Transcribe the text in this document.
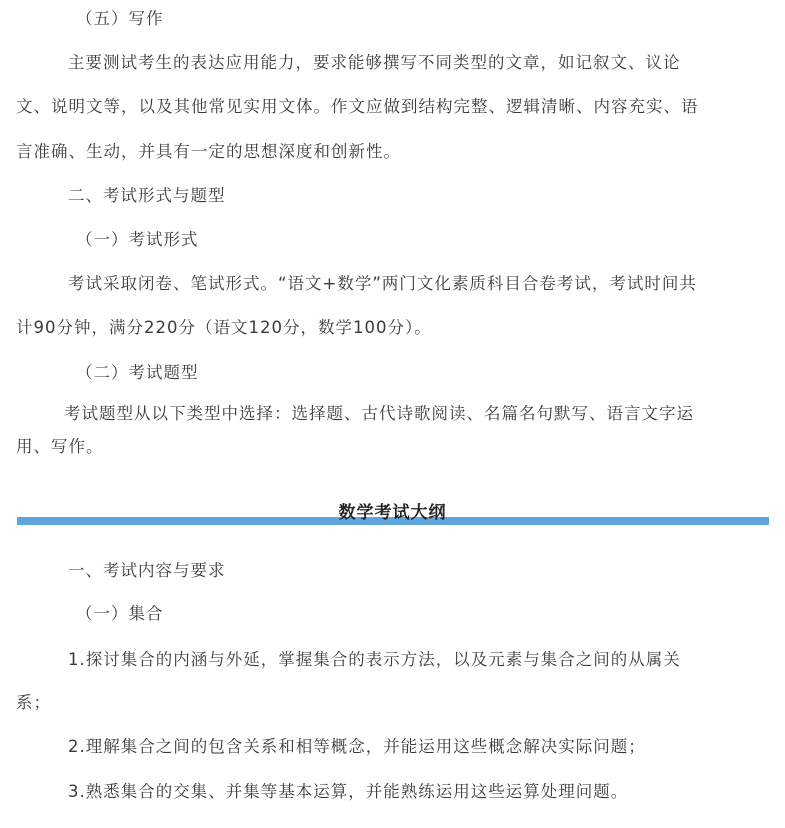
（五）写作
主要测试考生的表达应用能力，要求能够撰写不同类型的文章，如记叙文、议论
文、说明文等，以及其他常见实用文体。作文应做到结构完整、逻辑清晰、内容充实、语
言准确、生动，并具有一定的思想深度和创新性。
二、考试形式与题型
（一）考试形式
考试采取闭卷、笔试形式。“语文+数学”两门文化素质科目合卷考试，考试时间共
计90分钟，满分220分（语文120分，数学100分）。
（二）考试题型
考试题型从以下类型中选择：选择题、古代诗歌阅读、名篇名句默写、语言文字运
用、写作。
数学考试大纲
一、考试内容与要求
（一）集合
1.探讨集合的内涵与外延，掌握集合的表示方法，以及元素与集合之间的从属关
系；
2.理解集合之间的包含关系和相等概念，并能运用这些概念解决实际问题；
3.熟悉集合的交集、并集等基本运算，并能熟练运用这些运算处理问题。
